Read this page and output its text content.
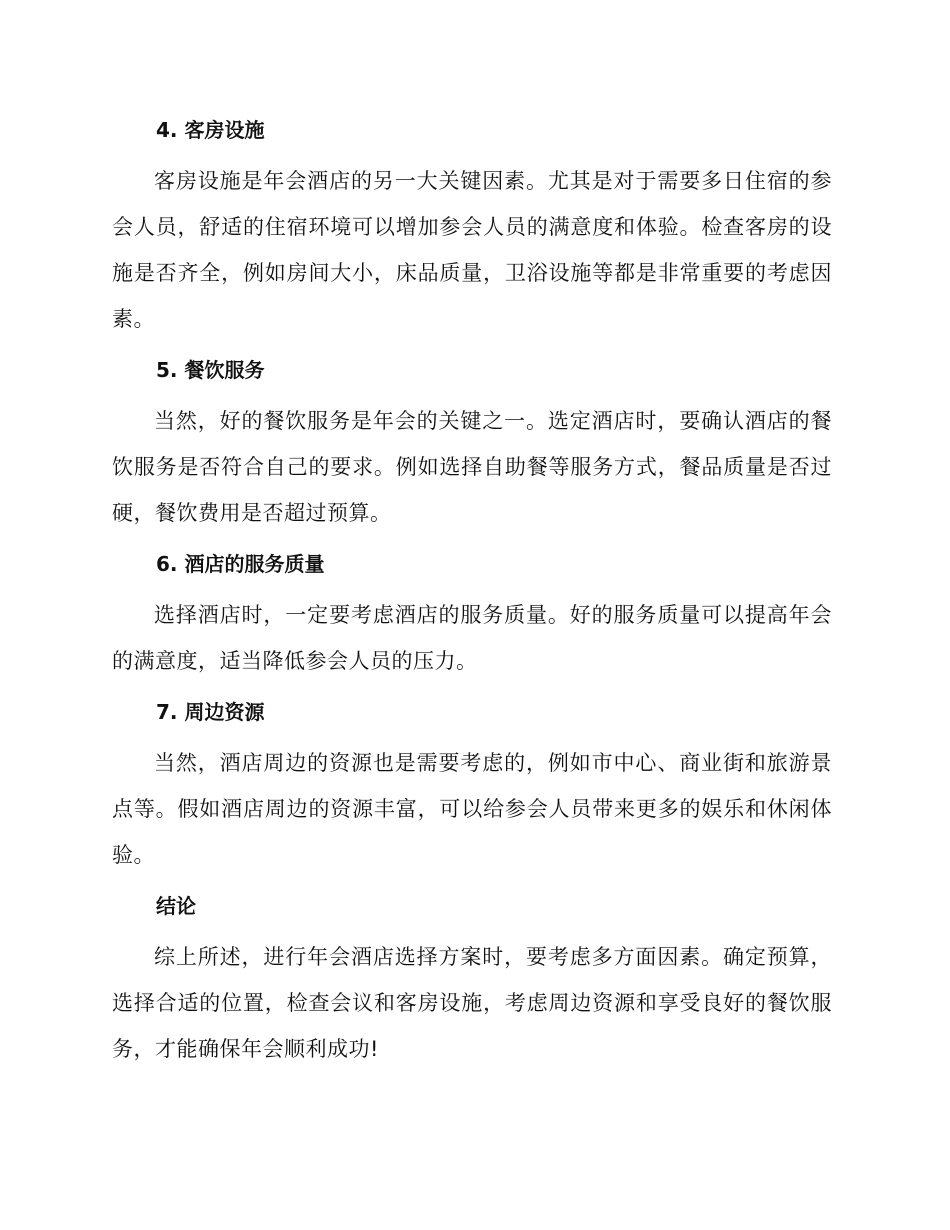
4. 客房设施

客房设施是年会酒店的另一大关键因素。尤其是对于需要多日住宿的参会人员，舒适的住宿环境可以增加参会人员的满意度和体验。检查客房的设施是否齐全，例如房间大小，床品质量，卫浴设施等都是非常重要的考虑因素。

5. 餐饮服务

当然，好的餐饮服务是年会的关键之一。选定酒店时，要确认酒店的餐饮服务是否符合自己的要求。例如选择自助餐等服务方式，餐品质量是否过硬，餐饮费用是否超过预算。

6. 酒店的服务质量

选择酒店时，一定要考虑酒店的服务质量。好的服务质量可以提高年会的满意度，适当降低参会人员的压力。

7. 周边资源

当然，酒店周边的资源也是需要考虑的，例如市中心、商业街和旅游景点等。假如酒店周边的资源丰富，可以给参会人员带来更多的娱乐和休闲体验。

结论

综上所述，进行年会酒店选择方案时，要考虑多方面因素。确定预算，选择合适的位置，检查会议和客房设施，考虑周边资源和享受良好的餐饮服务，才能确保年会顺利成功!
